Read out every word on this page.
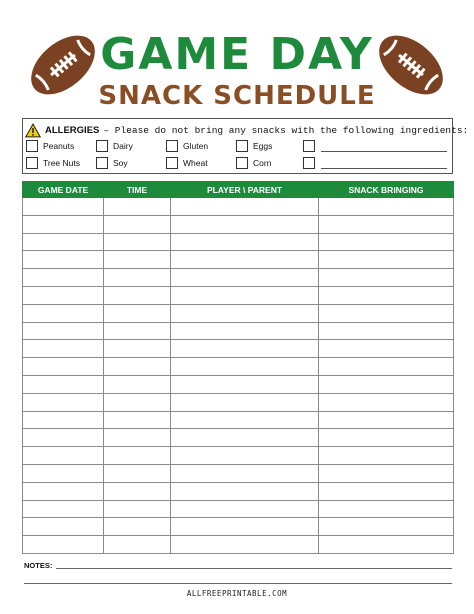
GAME DAY
SNACK SCHEDULE
ALLERGIES – Please do not bring any snacks with the following ingredients:
Peanuts	Dairy	Gluten	Eggs
Tree Nuts	Soy	Wheat	Corn
GAME DATE	TIME	PLAYER \ PARENT	SNACK BRINGING

NOTES:
ALLFREEPRINTABLE.COM
